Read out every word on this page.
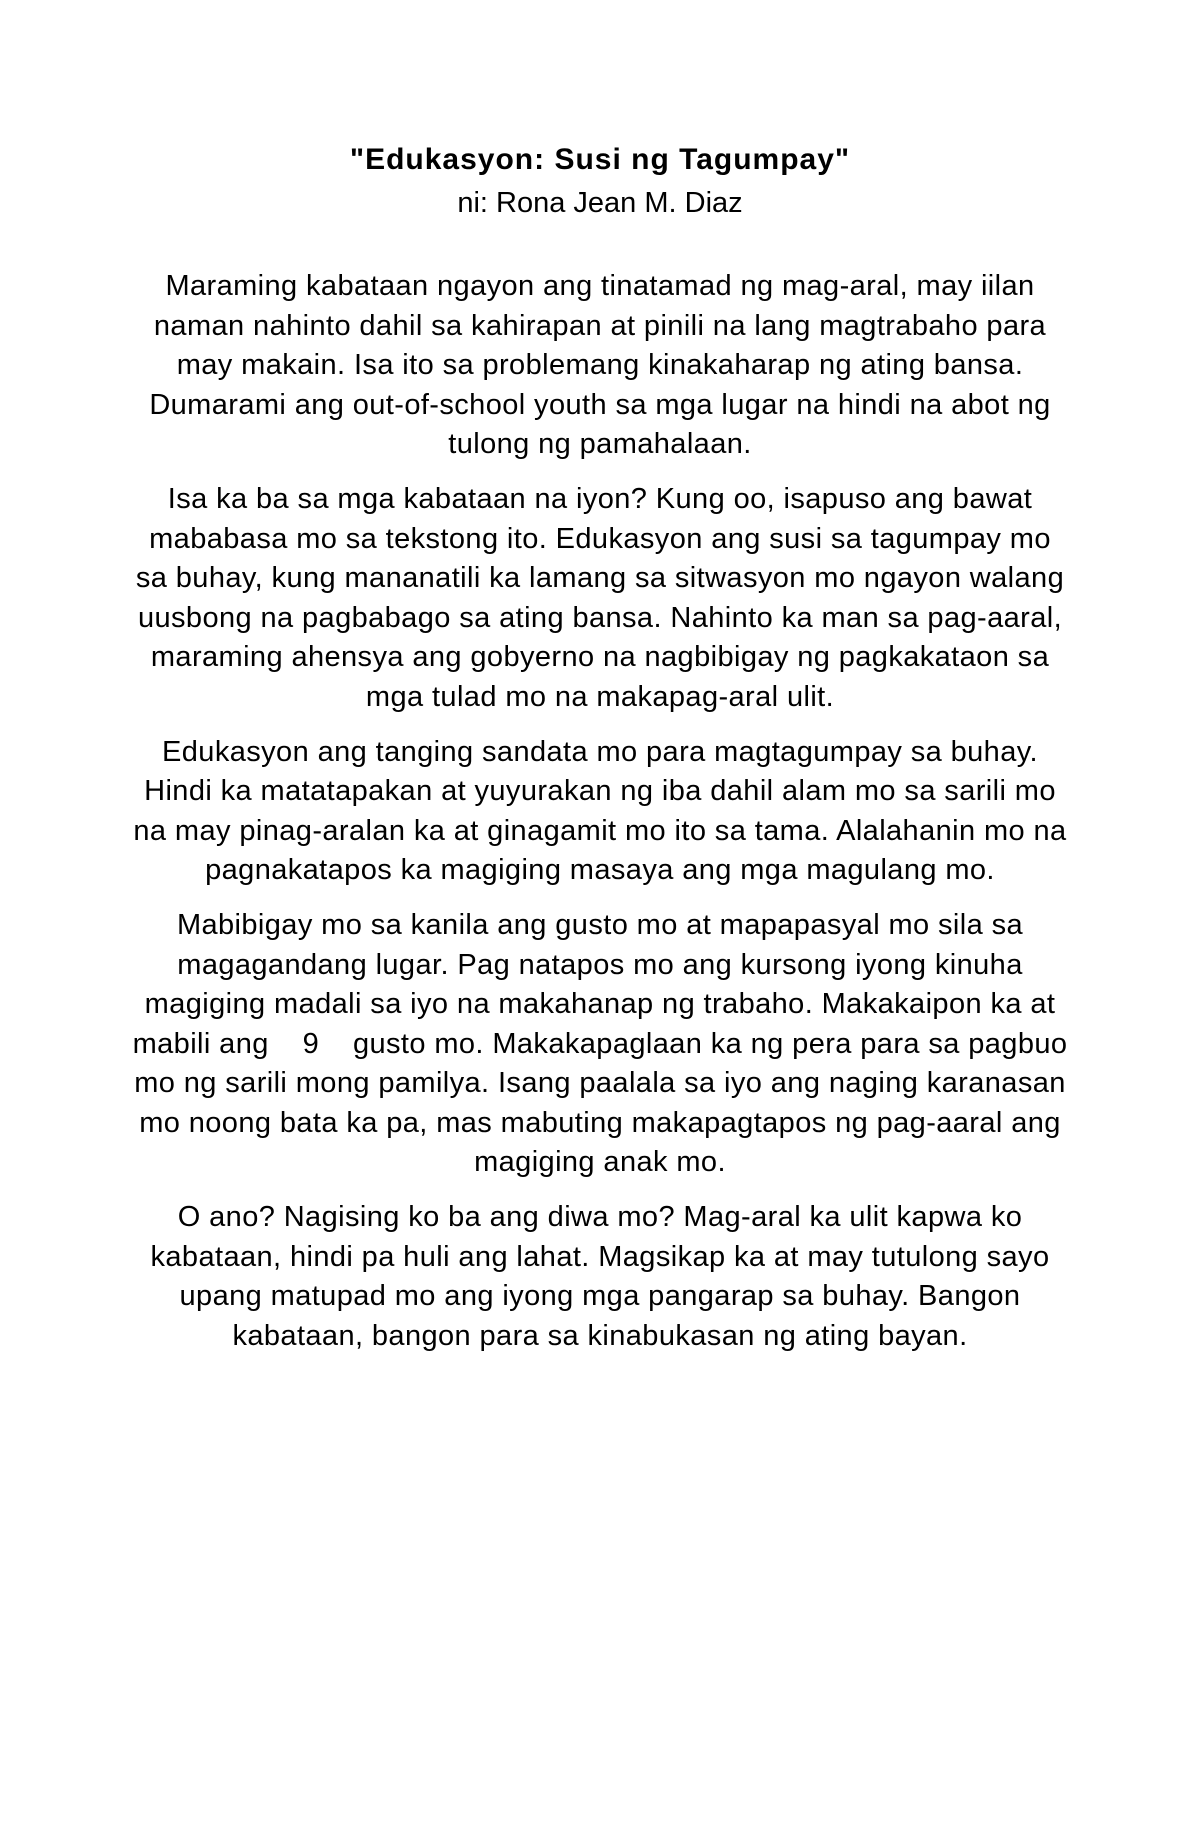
"Edukasyon: Susi ng Tagumpay"
ni: Rona Jean M. Diaz

Maraming kabataan ngayon ang tinatamad ng mag-aral, may iilan naman nahinto dahil sa kahirapan at pinili na lang magtrabaho para may makain. Isa ito sa problemang kinakaharap ng ating bansa. Dumarami ang out-of-school youth sa mga lugar na hindi na abot ng tulong ng pamahalaan.

Isa ka ba sa mga kabataan na iyon? Kung oo, isapuso ang bawat mababasa mo sa tekstong ito. Edukasyon ang susi sa tagumpay mo sa buhay, kung mananatili ka lamang sa sitwasyon mo ngayon walang uusbong na pagbabago sa ating bansa. Nahinto ka man sa pag-aaral, maraming ahensya ang gobyerno na nagbibigay ng pagkakataon sa mga tulad mo na makapag-aral ulit.

Edukasyon ang tanging sandata mo para magtagumpay sa buhay. Hindi ka matatapakan at yuyurakan ng iba dahil alam mo sa sarili mo na may pinag-aralan ka at ginagamit mo ito sa tama. Alalahanin mo na pagnakatapos ka magiging masaya ang mga magulang mo.

Mabibigay mo sa kanila ang gusto mo at mapapasyal mo sila sa magagandang lugar. Pag natapos mo ang kursong iyong kinuha magiging madali sa iyo na makahanap ng trabaho. Makakaipon ka at mabili ang    9    gusto mo. Makakapaglaan ka ng pera para sa pagbuo mo ng sarili mong pamilya. Isang paalala sa iyo ang naging karanasan mo noong bata ka pa, mas mabuting makapagtapos ng pag-aaral ang magiging anak mo.

O ano? Nagising ko ba ang diwa mo? Mag-aral ka ulit kapwa ko kabataan, hindi pa huli ang lahat. Magsikap ka at may tutulong sayo upang matupad mo ang iyong mga pangarap sa buhay. Bangon kabataan, bangon para sa kinabukasan ng ating bayan.
